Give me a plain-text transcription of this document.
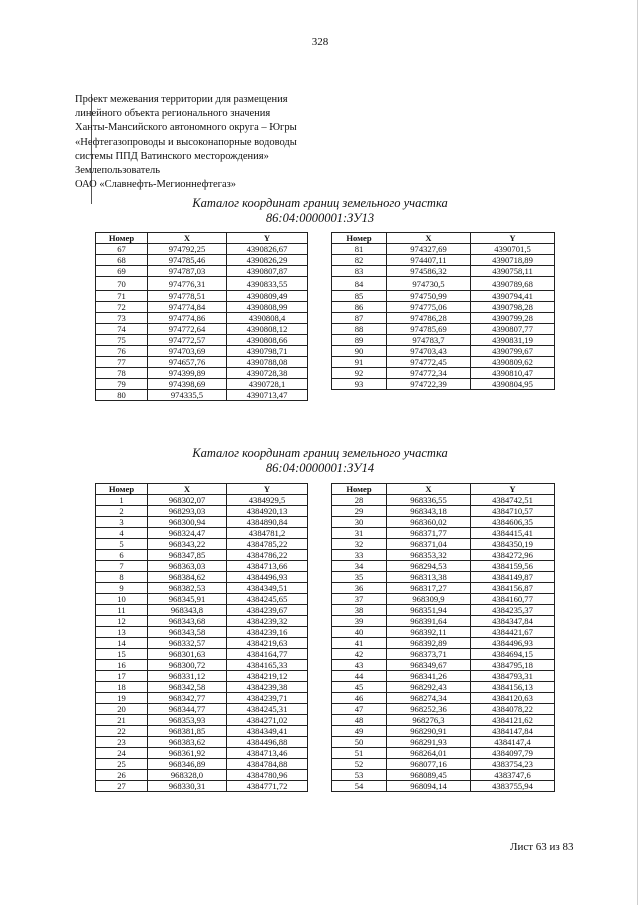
328
Проект межевания территории для размещения
линейного объекта регионального значения
Ханты-Мансийского автономного округа – Югры
«Нефтегазопроводы и высоконапорные водоводы
системы ППД Ватинского месторождения»
Землепользователь
ОАО «Славнефть-Мегионнефтегаз»
Каталог координат границ земельного участка
86:04:0000001:ЗУ13
Номер	X	Y
67	974792,25	4390826,67
68	974785,46	4390826,29
69	974787,03	4390807,87
70	974776,31	4390833,55
71	974778,51	4390809,49
72	974774,84	4390808,99
73	974774,86	4390808,4
74	974772,64	4390808,12
75	974772,57	4390808,66
76	974703,69	4390798,71
77	974657,76	4390788,08
78	974399,89	4390728,38
79	974398,69	4390728,1
80	974335,5	4390713,47
Номер	X	Y
81	974327,69	4390701,5
82	974407,11	4390718,89
83	974586,32	4390758,11
84	974730,5	4390789,68
85	974750,99	4390794,41
86	974775,06	4390798,28
87	974786,28	4390799,28
88	974785,69	4390807,77
89	974783,7	4390831,19
90	974703,43	4390799,67
91	974772,45	4390809,62
92	974772,34	4390810,47
93	974722,39	4390804,95
Каталог координат границ земельного участка
86:04:0000001:ЗУ14
Номер	X	Y
1	968302,07	4384929,5
2	968293,03	4384920,13
3	968300,94	4384890,84
4	968324,47	4384781,2
5	968343,22	4384785,22
6	968347,85	4384786,22
7	968363,03	4384713,66
8	968384,62	4384496,93
9	968382,53	4384349,51
10	968345,91	4384245,65
11	968343,8	4384239,67
12	968343,68	4384239,32
13	968343,58	4384239,16
14	968332,57	4384219,63
15	968301,63	4384164,77
16	968300,72	4384165,33
17	968331,12	4384219,12
18	968342,58	4384239,38
19	968342,77	4384239,71
20	968344,77	4384245,31
21	968353,93	4384271,02
22	968381,85	4384349,41
23	968383,62	4384496,88
24	968361,92	4384713,46
25	968346,89	4384784,88
26	968328,0	4384780,96
27	968330,31	4384771,72
Номер	X	Y
28	968336,55	4384742,51
29	968343,18	4384710,57
30	968360,02	4384606,35
31	968371,77	4384415,41
32	968371,04	4384350,19
33	968353,32	4384272,96
34	968294,53	4384159,56
35	968313,38	4384149,87
36	968317,27	4384156,87
37	968309,9	4384160,77
38	968351,94	4384235,37
39	968391,64	4384347,84
40	968392,11	4384421,67
41	968392,89	4384496,93
42	968373,71	4384694,15
43	968349,67	4384795,18
44	968341,26	4384793,31
45	968292,43	4384156,13
46	968274,34	4384120,63
47	968252,36	4384078,22
48	968276,3	4384121,62
49	968290,91	4384147,84
50	968291,93	4384147,4
51	968264,01	4384097,79
52	968077,16	4383754,23
53	968089,45	4383747,6
54	968094,14	4383755,94
Лист 63 из 83
